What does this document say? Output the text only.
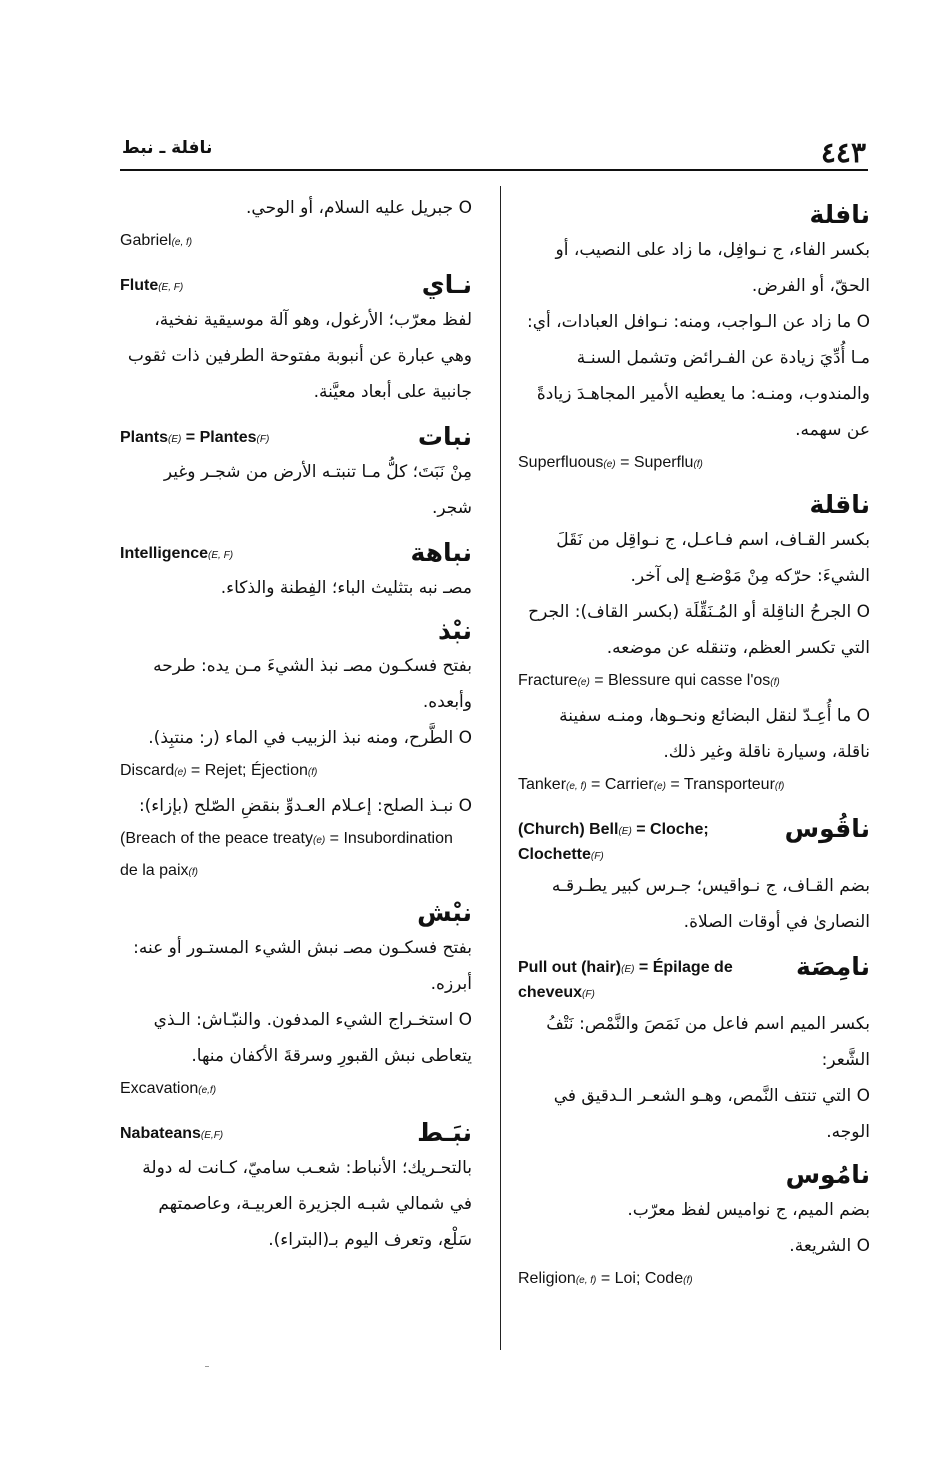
٤٤٣
نافلة ـ نبط
نافلة
بكسر الفاء، ج نـوافِل، ما زاد على النصيب، أو الحقّ، أو الفرض.
O ما زاد عن الـواجب، ومنه: نـوافل العبادات، أي: مـا أُدِّيَ زيادة عن الفـرائض وتشمل السنـة والمندوب، ومنـه: ما يعطيه الأمير المجاهـدَ زيادةً عن سهمه.
Superfluous(e) = Superflu(f)
ناقلة
بكسر القـاف، اسم فـاعـل، ج نـواقِل من نَقَلَ الشيءَ: حرّكه مِنْ مَوْضـع إلى آخر.
O الجرحُ الناقِلة أو المُـنَقِّلَة (بكسر القاف): الجرح التي تكسر العظم، وتنقله عن موضعه.
Fracture(e) = Blessure qui casse l'os(f)
O ما أُعِـدّ لنقل البضائع ونحـوها، ومنـه سفينة ناقلة، وسيارة ناقلة وغير ذلك.
Tanker(e, f) = Carrier(e) = Transporteur(f)
(Church) Bell(E) = Cloche; Clochette(F)
ناقُوس
بضم القـاف، ج نـواقيس؛ جـرس كبير يطـرقـه النصارىٰ في أوقات الصلاة.
Pull out (hair)(E) = Épilage de cheveux(F)
نامِصَة
بكسر الميم اسم فاعل من نَمَصَ والنَّمْص: نَتْفُ الشَّعر:
O التي تنتف النَّمص، وهـو الشعـر الـدقيق في الوجه.
نامُوس
بضم الميم، ج نواميس لفظ معرّب.
O الشريعة.
Religion(e, f) = Loi; Code(f)
O جبريل عليه السلام، أو الوحي.
Gabriel(e, f)
Flute(E, F)	نـاي
لفظ معرّب؛ الأرغول، وهو آلة موسيقية نفخية، وهي عبارة عن أنبوبة مفتوحة الطرفين ذات ثقوب جانبية على أبعاد معيَّنة.
Plants(E) = Plantes(F)	نبات
مِنْ نَبَتَ؛ كلُّ مـا تنبتـه الأرض من شجـر وغير شجر.
Intelligence(E, F)	نباهة
مصـ نبه بتثليث الباء؛ الفِطنة والذكاء.
نبْذ
بفتح فسكـون مصـ نبذ الشيءَ مـن يده: طرحه وأبعده.
O الطَّرح، ومنه نبذ الزبيب في الماء (ر: منتبِذ).
Discard(e) = Rejet; Éjection(f)
O نبـذ الصلح: إعـلام العـدوِّ بنقضِ الصّلح (بإزاء):
(Breach of the peace treaty(e) = Insubordination de la paix(f)
نبْش
بفتح فسكـون مصـ نبش الشيء المستـور أو عنه: أبرزه.
O استخـراج الشيء المدفون. والنبّـاش: الـذي يتعاطى نبش القبورِ وسرقةَ الأكفان منها.
Excavation(e,f)
Nabateans(E,F)	نبَـط
بالتحـريك؛ الأنباط: شعـب ساميّ، كـانت له دولة في شمالي شبـه الجزيرة العربيـة، وعاصمتهم سَلْع، وتعرف اليوم بـ(البتراء).
